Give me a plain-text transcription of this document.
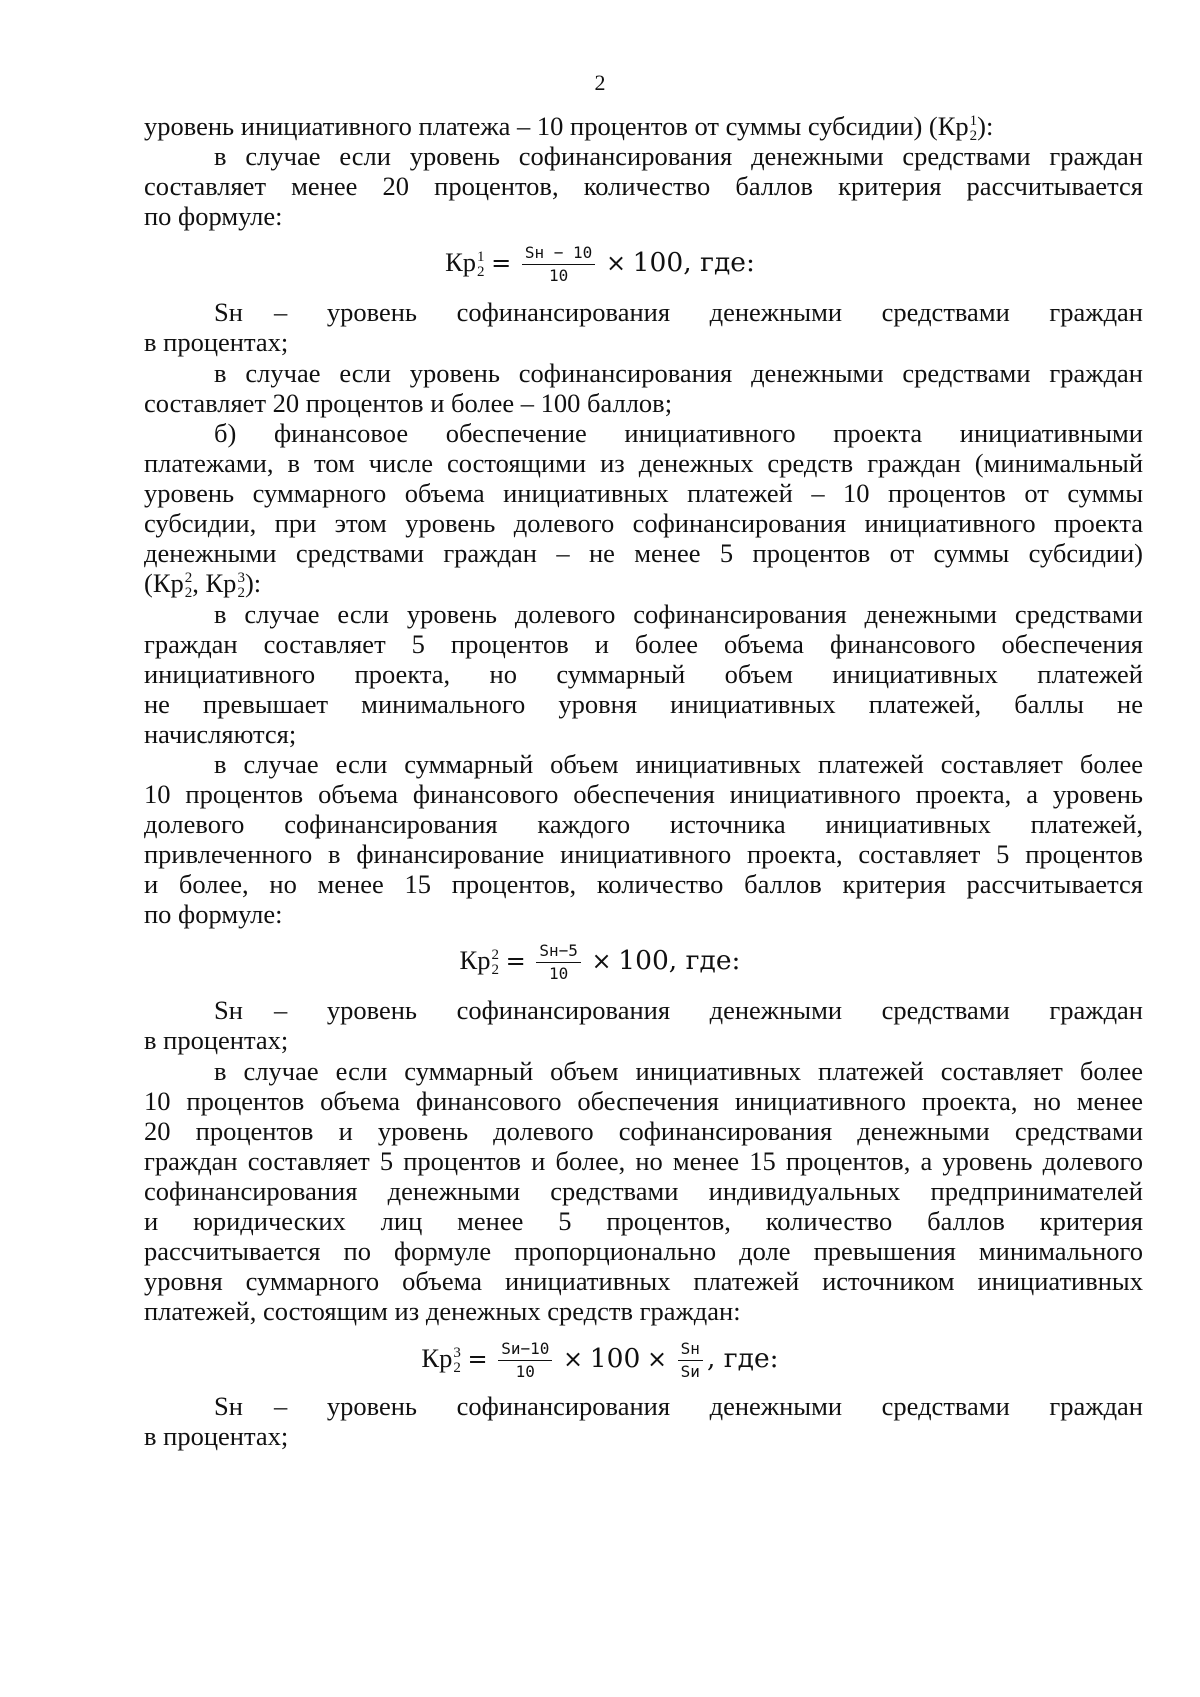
2
уровень инициативного платежа – 10 процентов от суммы субсидии) (Кр 1
2 ):
в случае если уровень софинансирования денежными средствами граждан
составляет менее 20 процентов, количество баллов критерия рассчитывается
по формуле:
Кр 1
$2 = \frac{Sн - 10}{10} \times 100$, где:
Sн – уровень софинансирования денежными средствами граждан
в процентах;
в случае если уровень софинансирования денежными средствами граждан
составляет 20 процентов и более – 100 баллов;
б) финансовое обеспечение инициативного проекта инициативными
платежами, в том числе состоящими из денежных средств граждан (минимальный
уровень суммарного объема инициативных платежей – 10 процентов от суммы
субсидии, при этом уровень долевого софинансирования инициативного проекта
денежными средствами граждан – не менее 5 процентов от суммы субсидии)
(Кр 2
2 , Кр 3
2 ):
в случае если уровень долевого софинансирования денежными средствами
граждан составляет 5 процентов и более объема финансового обеспечения
инициативного проекта, но суммарный объем инициативных платежей
не превышает минимального уровня инициативных платежей, баллы не
начисляются;
в случае если суммарный объем инициативных платежей составляет более
10 процентов объема финансового обеспечения инициативного проекта, а уровень
долевого софинансирования каждого источника инициативных платежей,
привлеченного в финансирование инициативного проекта, составляет 5 процентов
и более, но менее 15 процентов, количество баллов критерия рассчитывается
по формуле:
Кр 2
$2 = \frac{Sн-5}{10} \times 100$, где:
Sн – уровень софинансирования денежными средствами граждан
в процентах;
в случае если суммарный объем инициативных платежей составляет более
10 процентов объема финансового обеспечения инициативного проекта, но менее
20 процентов и уровень долевого софинансирования денежными средствами
граждан составляет 5 процентов и более, но менее 15 процентов, а уровень долевого
софинансирования денежными средствами индивидуальных предпринимателей
и юридических лиц менее 5 процентов, количество баллов критерия
рассчитывается по формуле пропорционально доле превышения минимального
уровня суммарного объема инициативных платежей источником инициативных
платежей, состоящим из денежных средств граждан:
Кр 3
$2 = \frac{Sи-10}{10} \times 100 \times \frac{Sн}{Sи}$ , где:
Sн – уровень софинансирования денежными средствами граждан
в процентах;
